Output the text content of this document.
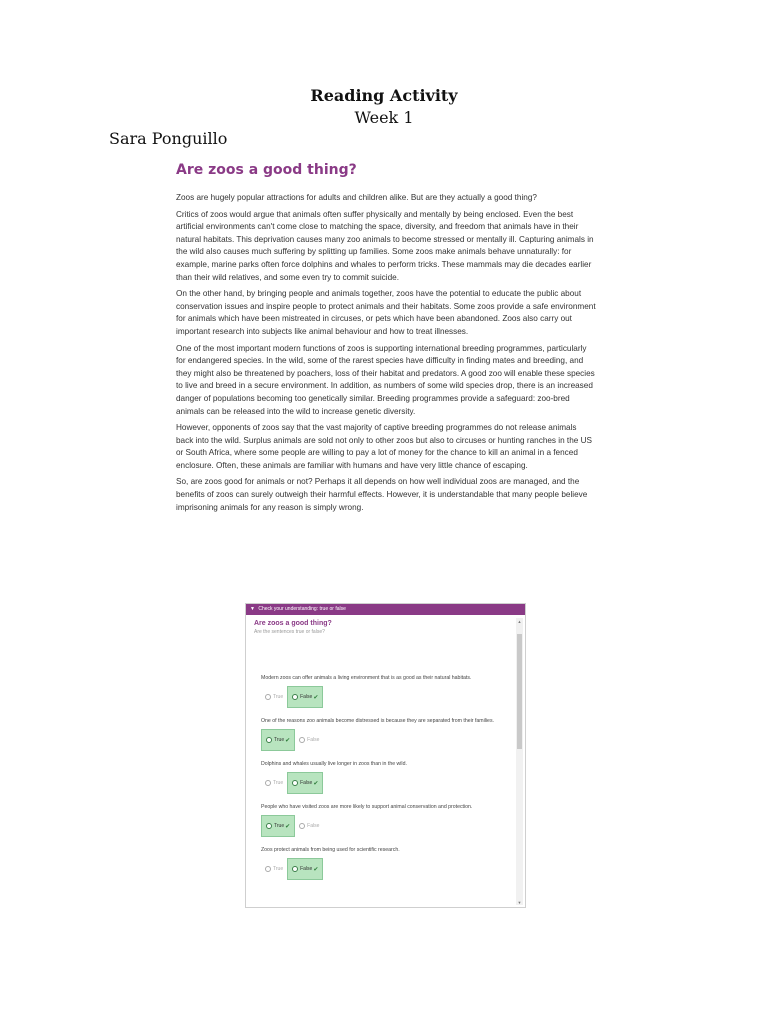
Reading Activity
Week 1
Sara Ponguillo
Are zoos a good thing?

Zoos are hugely popular attractions for adults and children alike. But are they actually a good thing?

Critics of zoos would argue that animals often suffer physically and mentally by being enclosed. Even the best artificial environments can't come close to matching the space, diversity, and freedom that animals have in their natural habitats. This deprivation causes many zoo animals to become stressed or mentally ill. Capturing animals in the wild also causes much suffering by splitting up families. Some zoos make animals behave unnaturally: for example, marine parks often force dolphins and whales to perform tricks. These mammals may die decades earlier than their wild relatives, and some even try to commit suicide.

On the other hand, by bringing people and animals together, zoos have the potential to educate the public about conservation issues and inspire people to protect animals and their habitats. Some zoos provide a safe environment for animals which have been mistreated in circuses, or pets which have been abandoned. Zoos also carry out important research into subjects like animal behaviour and how to treat illnesses.

One of the most important modern functions of zoos is supporting international breeding programmes, particularly for endangered species. In the wild, some of the rarest species have difficulty in finding mates and breeding, and they might also be threatened by poachers, loss of their habitat and predators. A good zoo will enable these species to live and breed in a secure environment. In addition, as numbers of some wild species drop, there is an increased danger of populations becoming too genetically similar. Breeding programmes provide a safeguard: zoo-bred animals can be released into the wild to increase genetic diversity.

However, opponents of zoos say that the vast majority of captive breeding programmes do not release animals back into the wild. Surplus animals are sold not only to other zoos but also to circuses or hunting ranches in the US or South Africa, where some people are willing to pay a lot of money for the chance to kill an animal in a fenced enclosure. Often, these animals are familiar with humans and have very little chance of escaping.

So, are zoos good for animals or not? Perhaps it all depends on how well individual zoos are managed, and the benefits of zoos can surely outweigh their harmful effects. However, it is understandable that many people believe imprisoning animals for any reason is simply wrong.

▼ Check your understanding: true or false
Are zoos a good thing?
Are the sentences true or false?
Modern zoos can offer animals a living environment that is as good as their natural habitats.
True	False ✔
One of the reasons zoo animals become distressed is because they are separated from their families.
True ✔	False
Dolphins and whales usually live longer in zoos than in the wild.
True	False ✔
People who have visited zoos are more likely to support animal conservation and protection.
True ✔	False
Zoos protect animals from being used for scientific research.
True	False ✔
▲
▼
